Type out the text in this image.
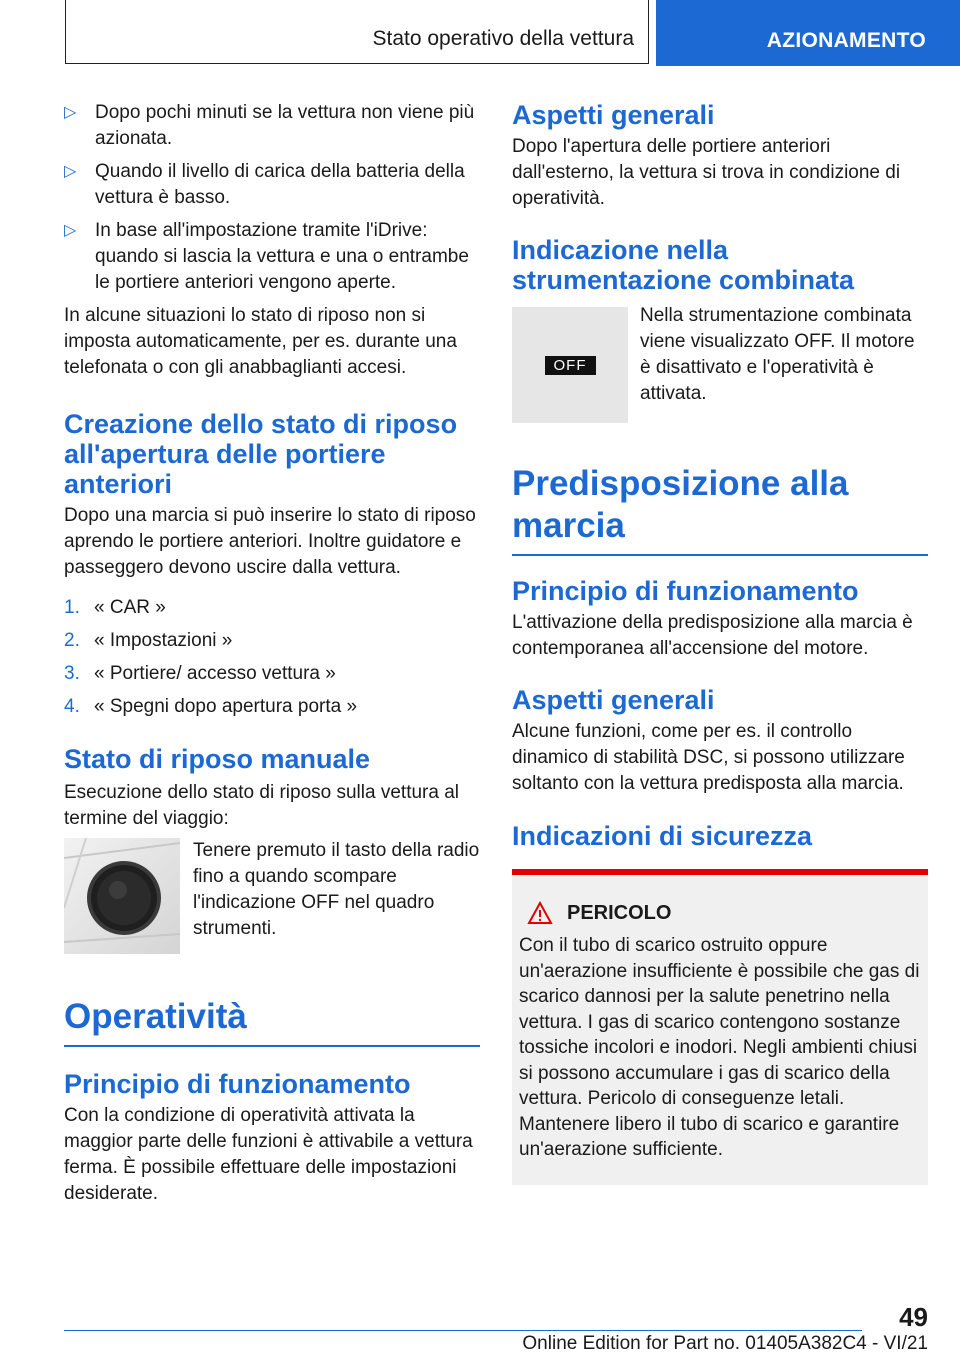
Stato operativo della vettura	AZIONAMENTO
▷ Dopo pochi minuti se la vettura non viene più azionata.

▷ Quando il livello di carica della batteria della vettura è basso.

▷ In base all'impostazione tramite l'iDrive: quando si lascia la vettura e una o entrambe le portiere anteriori vengono aperte.

In alcune situazioni lo stato di riposo non si imposta automaticamente, per es. durante una telefonata o con gli anabbaglianti accesi.

Creazione dello stato di riposo all'apertura delle portiere anteriori

Dopo una marcia si può inserire lo stato di riposo aprendo le portiere anteriori. Inoltre guidatore e passeggero devono uscire dalla vettura.

1. « CAR »

2. « Impostazioni »

3. « Portiere/ accesso vettura »

4. « Spegni dopo apertura porta »

Stato di riposo manuale

Esecuzione dello stato di riposo sulla vettura al termine del viaggio:

Tenere premuto il tasto della radio fino a quando scompare l'indicazione OFF nel quadro strumenti.

Operatività
Principio di funzionamento

Con la condizione di operatività attivata la maggior parte delle funzioni è attivabile a vettura ferma. È possibile effettuare delle impostazioni desiderate.

Aspetti generali

Dopo l'apertura delle portiere anteriori dall'esterno, la vettura si trova in condizione di operatività.

Indicazione nella strumentazione combinata
OFF

Nella strumentazione combinata viene visualizzato OFF. Il motore è disattivato e l'operatività è attivata.

Predisposizione alla marcia
Principio di funzionamento

L'attivazione della predisposizione alla marcia è contemporanea all'accensione del motore.

Aspetti generali

Alcune funzioni, come per es. il controllo dinamico di stabilità DSC, si possono utilizzare soltanto con la vettura predisposta alla marcia.

Indicazioni di sicurezza
PERICOLO

Con il tubo di scarico ostruito oppure un'aerazione insufficiente è possibile che gas di scarico dannosi per la salute penetrino nella vettura. I gas di scarico contengono sostanze tossiche incolori e inodori. Negli ambienti chiusi si possono accumulare i gas di scarico della vettura. Pericolo di conseguenze letali. Mantenere libero il tubo di scarico e garantire un'aerazione sufficiente.

49
Online Edition for Part no. 01405A382C4 - VI/21
